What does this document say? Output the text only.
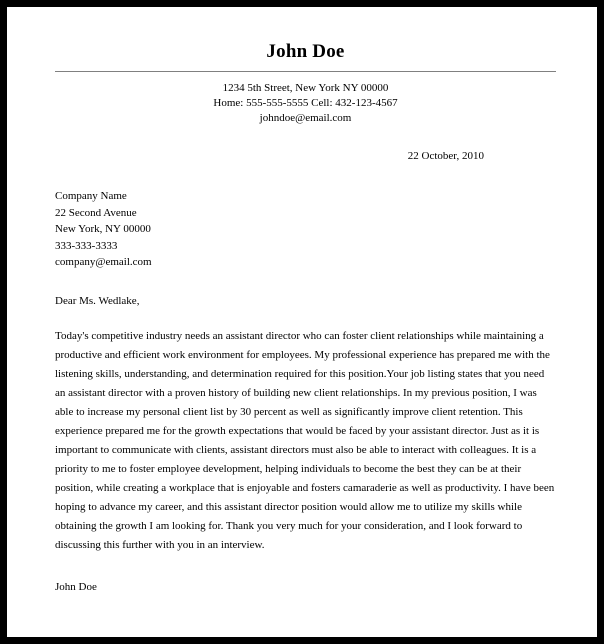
John Doe
1234 5th Street, New York NY 00000
Home: 555-555-5555 Cell: 432-123-4567
johndoe@email.com
22 October, 2010
Company Name
22 Second Avenue
New York, NY 00000
333-333-3333
company@email.com
Dear Ms. Wedlake,

Today's competitive industry needs an assistant director who can foster client relationships while maintaining a productive and efficient work environment for employees. My professional experience has prepared me with the listening skills, understanding, and determination required for this position.Your job listing states that you need an assistant director with a proven history of building new client relationships. In my previous position, I was able to increase my personal client list by 30 percent as well as significantly improve client retention. This experience prepared me for the growth expectations that would be faced by your assistant director. Just as it is important to communicate with clients, assistant directors must also be able to interact with colleagues. It is a priority to me to foster employee development, helping individuals to become the best they can be at their position, while creating a workplace that is enjoyable and fosters camaraderie as well as productivity. I have been hoping to advance my career, and this assistant director position would allow me to utilize my skills while obtaining the growth I am looking for. Thank you very much for your consideration, and I look forward to discussing this further with you in an interview.

John Doe
